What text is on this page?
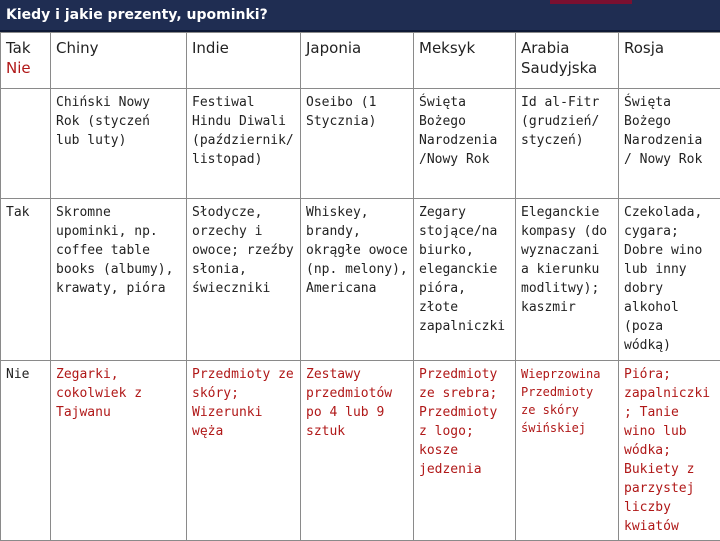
Kiedy i jakie prezenty, upominki?
Tak
Nie	Chiny	Indie	Japonia	Meksyk	Arabia Saudyjska	Rosja
	Chiński Nowy Rok (styczeń lub luty)	Festiwal Hindu Diwali (październik/ listopad)	Oseibo (1 Stycznia)	Święta Bożego Narodzenia /Nowy Rok	Id al-Fitr (grudzień/ styczeń)	Święta Bożego Narodzenia / Nowy Rok
Tak	Skromne upominki, np. coffee table books (albumy), krawaty, pióra	Słodycze, orzechy i owoce; rzeźby słonia, świeczniki	Whiskey, brandy, okrągłe owoce (np. melony), Americana	Zegary stojące/na biurko, eleganckie pióra, złote zapalniczki	Eleganckie kompasy (do wyznaczani a kierunku modlitwy); kaszmir	Czekolada, cygara; Dobre wino lub inny dobry alkohol (poza wódką)
Nie	Zegarki, cokolwiek z Tajwanu	Przedmioty ze skóry; Wizerunki węża	Zestawy przedmiotów po 4 lub 9 sztuk	Przedmioty ze srebra; Przedmioty z logo; kosze jedzenia	Wieprzowina Przedmioty ze skóry świńskiej	Pióra; zapalniczki; Tanie wino lub wódka; Bukiety z parzystej liczby kwiatów
